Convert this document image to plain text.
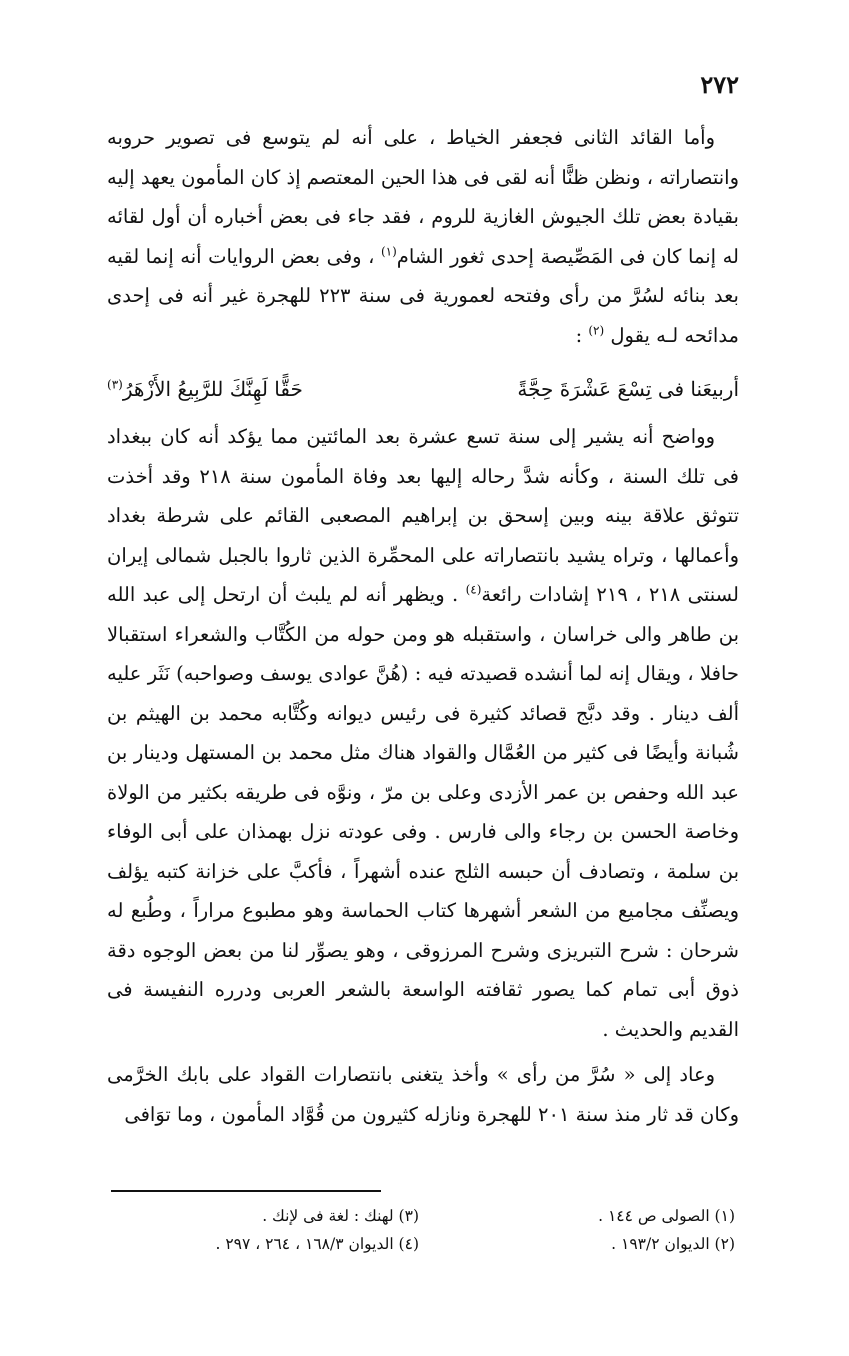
٢٧٢

وأما القائد الثانى فجعفر الخياط ، على أنه لم يتوسع فى تصوير حروبه وانتصاراته ، ونظن ظنًّا أنه لقى فى هذا الحين المعتصم إذ كان المأمون يعهد إليه بقيادة بعض تلك الجيوش الغازية للروم ، فقد جاء فى بعض أخباره أن أول لقائه له إنما كان فى المَصِّيصة إحدى ثغور الشام$^{(١)}$ ، وفى بعض الروايات أنه إنما لقيه بعد بنائه لسُرَّ من رأى وفتحه لعمورية فى سنة ٢٢٣ للهجرة غير أنه فى إحدى مدائحه لـه يقول $^{(٢)}$ :

أربيعَنا فى تِسْعَ عَشْرَةَ حِجَّةً
حَقًّا لَهِنَّكَ للرَّبِيعُ الأَزْهَرُ$^{(٣)}$

وواضح أنه يشير إلى سنة تسع عشرة بعد المائتين مما يؤكد أنه كان ببغداد فى تلك السنة ، وكأنه شدَّ رحاله إليها بعد وفاة المأمون سنة ٢١٨ وقد أخذت تتوثق علاقة بينه وبين إسحق بن إبراهيم المصعبى القائم على شرطة بغداد وأعمالها ، وتراه يشيد بانتصاراته على المحمِّرة الذين ثاروا بالجبل شمالى إيران لسنتى ٢١٨ ، ٢١٩ إشادات رائعة$^{(٤)}$ . ويظهر أنه لم يلبث أن ارتحل إلى عبد الله بن طاهر والى خراسان ، واستقبله هو ومن حوله من الكُتَّاب والشعراء استقبالا حافلا ، ويقال إنه لما أنشده قصيدته فيه : (هُنَّ عوادى يوسف وصواحبه) نَثَر عليه ألف دينار . وقد دبَّج قصائد كثيرة فى رئيس ديوانه وكُتَّابه محمد بن الهيثم بن شُبانة وأيضًا فى كثير من العُمَّال والقواد هناك مثل محمد بن المستهل ودينار بن عبد الله وحفص بن عمر الأزدى وعلى بن مرّ ، ونوَّه فى طريقه بكثير من الولاة وخاصة الحسن بن رجاء والى فارس . وفى عودته نزل بهمذان على أبى الوفاء بن سلمة ، وتصادف أن حبسه الثلج عنده أشهراً ، فأكبَّ على خزانة كتبه يؤلف ويصنِّف مجاميع من الشعر أشهرها كتاب الحماسة وهو مطبوع مراراً ، وطُبع له شرحان : شرح التبريزى وشرح المرزوقى ، وهو يصوِّر لنا من بعض الوجوه دقة ذوق أبى تمام كما يصور ثقافته الواسعة بالشعر العربى ودرره النفيسة فى القديم والحديث .

وعاد إلى « سُرَّ من رأى » وأخذ يتغنى بانتصارات القواد على بابك الخرَّمى وكان قد ثار منذ سنة ٢٠١ للهجرة ونازله كثيرون من قُوَّاد المأمون ، وما توَافى

(١) الصولى ص ١٤٤ .
(٢) الديوان ١٩٣/٢ .
(٣) لهنك : لغة فى لإنك .
(٤) الديوان ١٦٨/٣ ، ٢٦٤ ، ٢٩٧ .
